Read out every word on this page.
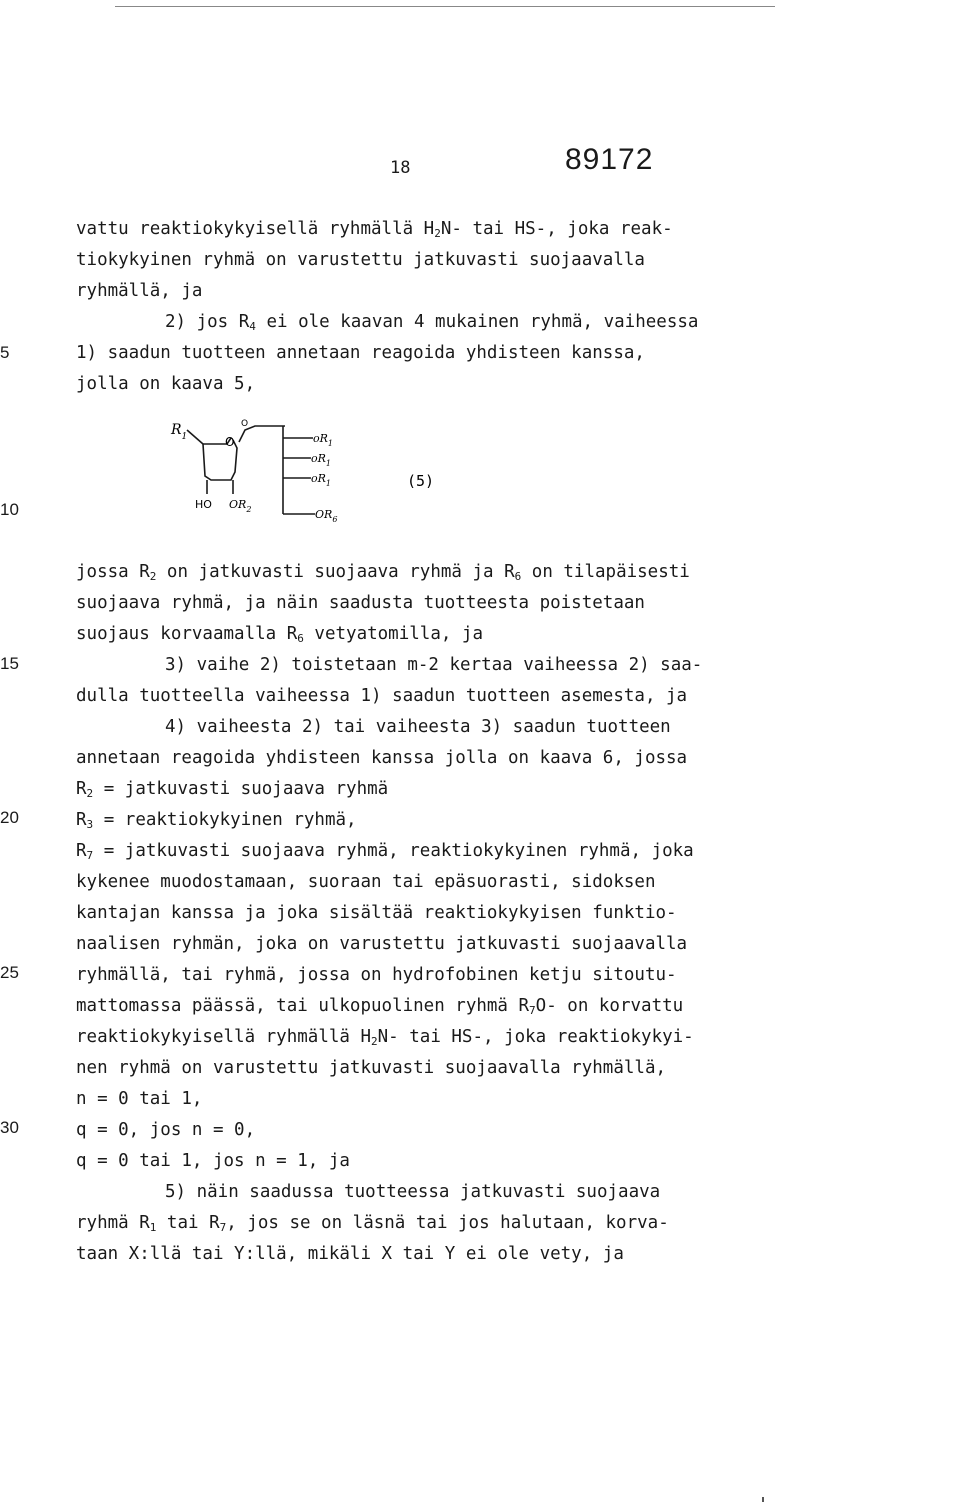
18	89172
5
10
15
20
25
30
vattu reaktiokykyisellä ryhmällä $H_2N-$ tai HS-, joka reak-
tiokykyinen ryhmä on varustettu jatkuvasti suojaavalla
ryhmällä, ja
2) jos $R_4$ ei ole kaavan 4 mukainen ryhmä, vaiheessa
1) saadun tuotteen annetaan reagoida yhdisteen kanssa,
jolla on kaava 5,
$R_1$	O
O
HO $OR_2$
$oR_1$
$oR_1$
$oR_1$
$OR_6$
(5)
jossa $R_2$ on jatkuvasti suojaava ryhmä ja $R_6$ on tilapäisesti
suojaava ryhmä, ja näin saadusta tuotteesta poistetaan
suojaus korvaamalla $R_6$ vetyatomilla, ja
3) vaihe 2) toistetaan m-2 kertaa vaiheessa 2) saa-
dulla tuotteella vaiheessa 1) saadun tuotteen asemesta, ja
4) vaiheesta 2) tai vaiheesta 3) saadun tuotteen
annetaan reagoida yhdisteen kanssa jolla on kaava 6, jossa
$R_2$ = jatkuvasti suojaava ryhmä
$R_3$ = reaktiokykyinen ryhmä,
$R_7$ = jatkuvasti suojaava ryhmä, reaktiokykyinen ryhmä, joka
kykenee muodostamaan, suoraan tai epäsuorasti, sidoksen
kantajan kanssa ja joka sisältää reaktiokykyisen funktio-
naalisen ryhmän, joka on varustettu jatkuvasti suojaavalla
ryhmällä, tai ryhmä, jossa on hydrofobinen ketju sitoutu-
mattomassa päässä, tai ulkopuolinen ryhmä $R_7O-$ on korvattu
reaktiokykyisellä ryhmällä $H_2N-$ tai HS-, joka reaktiokykyi-
nen ryhmä on varustettu jatkuvasti suojaavalla ryhmällä,
n = 0 tai 1,
q = 0, jos n = 0,
q = 0 tai 1, jos n = 1, ja
5) näin saadussa tuotteessa jatkuvasti suojaava
ryhmä $R_1$ tai $R_7$, jos se on läsnä tai jos halutaan, korva-
taan X:llä tai Y:llä, mikäli X tai Y ei ole vety, ja
